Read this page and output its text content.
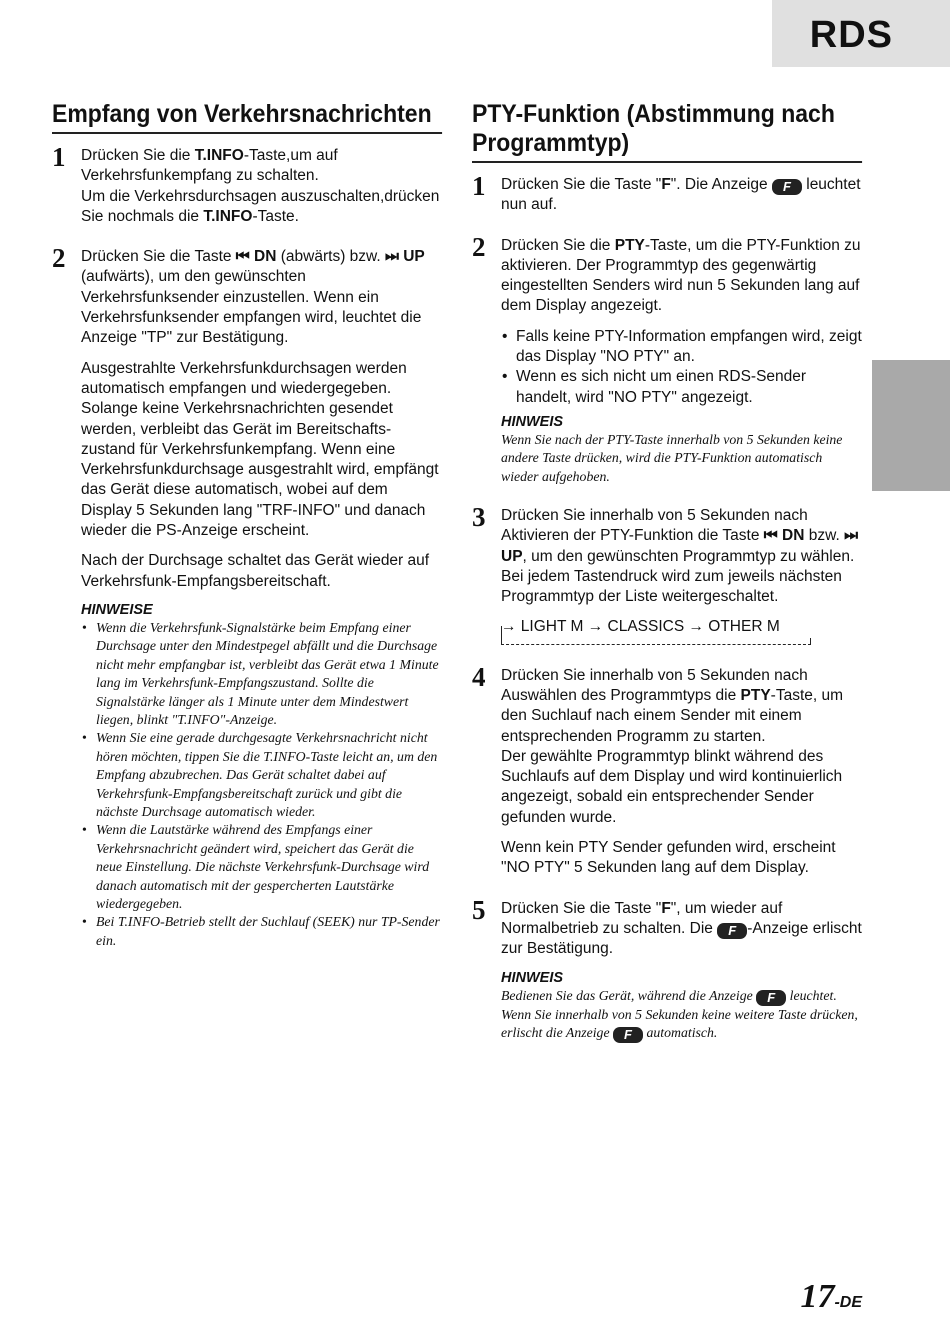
RDS
Empfang von Verkehrsnachrichten
1 Drücken Sie die T.INFO-Taste,um auf Verkehrsfunkempfang zu schalten.
Um die Verkehrsdurchsagen auszuschalten,drücken Sie nochmals die T.INFO-Taste.

2 Drücken Sie die Taste ⏮ DN (abwärts) bzw. ⏭ UP (aufwärts), um den gewünschten Verkehrsfunksender einzustellen. Wenn ein Verkehrsfunksender empfangen wird, leuchtet die Anzeige "TP" zur Bestätigung.

Ausgestrahlte Verkehrsfunkdurchsagen werden automatisch empfangen und wiedergegeben. Solange keine Verkehrsnachrichten gesendet werden, verbleibt das Gerät im Bereitschafts-zustand für Verkehrsfunkempfang. Wenn eine Verkehrsfunkdurchsage ausgestrahlt wird, empfängt das Gerät diese automatisch, wobei auf dem Display 5 Sekunden lang "TRF-INFO" und danach wieder die PS-Anzeige erscheint.

Nach der Durchsage schaltet das Gerät wieder auf Verkehrsfunk-Empfangsbereitschaft.

HINWEISE
• Wenn die Verkehrsfunk-Signalstärke beim Empfang einer Durchsage unter den Mindestpegel abfällt und die Durchsage nicht mehr empfangbar ist, verbleibt das Gerät etwa 1 Minute lang im Verkehrsfunk-Empfangszustand. Sollte die Signalstärke länger als 1 Minute unter dem Mindestwert liegen, blinkt "T.INFO"-Anzeige.
• Wenn Sie eine gerade durchgesagte Verkehrsnachricht nicht hören möchten, tippen Sie die T.INFO-Taste leicht an, um den Empfang abzubrechen. Das Gerät schaltet dabei auf Verkehrsfunk-Empfangsbereitschaft zurück und gibt die nächste Durchsage automatisch wieder.
• Wenn die Lautstärke während des Empfangs einer Verkehrsnachricht geändert wird, speichert das Gerät die neue Einstellung. Die nächste Verkehrsfunk-Durchsage wird danach automatisch mit der gespercherten Lautstärke wiedergegeben.
• Bei T.INFO-Betrieb stellt der Suchlauf (SEEK) nur TP-Sender ein.
PTY-Funktion (Abstimmung nach Programmtyp)
1 Drücken Sie die Taste "F". Die Anzeige F leuchtet nun auf.

2 Drücken Sie die PTY-Taste, um die PTY-Funktion zu aktivieren. Der Programmtyp des gegenwärtig eingestellten Senders wird nun 5 Sekunden lang auf dem Display angezeigt.

• Falls keine PTY-Information empfangen wird, zeigt das Display "NO PTY" an.
• Wenn es sich nicht um einen RDS-Sender handelt, wird "NO PTY" angezeigt.
HINWEIS
Wenn Sie nach der PTY-Taste innerhalb von 5 Sekunden keine andere Taste drücken, wird die PTY-Funktion automatisch wieder aufgehoben.
3 Drücken Sie innerhalb von 5 Sekunden nach Aktivieren der PTY-Funktion die Taste ⏮ DN bzw. ⏭ UP, um den gewünschten Programmtyp zu wählen. Bei jedem Tastendruck wird zum jeweils nächsten Programmtyp der Liste weitergeschaltet.

→ LIGHT M → CLASSICS → OTHER M
4 Drücken Sie innerhalb von 5 Sekunden nach Auswählen des Programmtyps die PTY-Taste, um den Suchlauf nach einem Sender mit einem entsprechenden Programm zu starten.
Der gewählte Programmtyp blinkt während des Suchlaufs auf dem Display und wird kontinuierlich angezeigt, sobald ein entsprechender Sender gefunden wurde.

Wenn kein PTY Sender gefunden wird, erscheint "NO PTY" 5 Sekunden lang auf dem Display.

5 Drücken Sie die Taste "F", um wieder auf Normalbetrieb zu schalten. Die F -Anzeige erlischt zur Bestätigung.

HINWEIS
Bedienen Sie das Gerät, während die Anzeige F leuchtet.
Wenn Sie innerhalb von 5 Sekunden keine weitere Taste drücken, erlischt die Anzeige F automatisch.
17-DE
